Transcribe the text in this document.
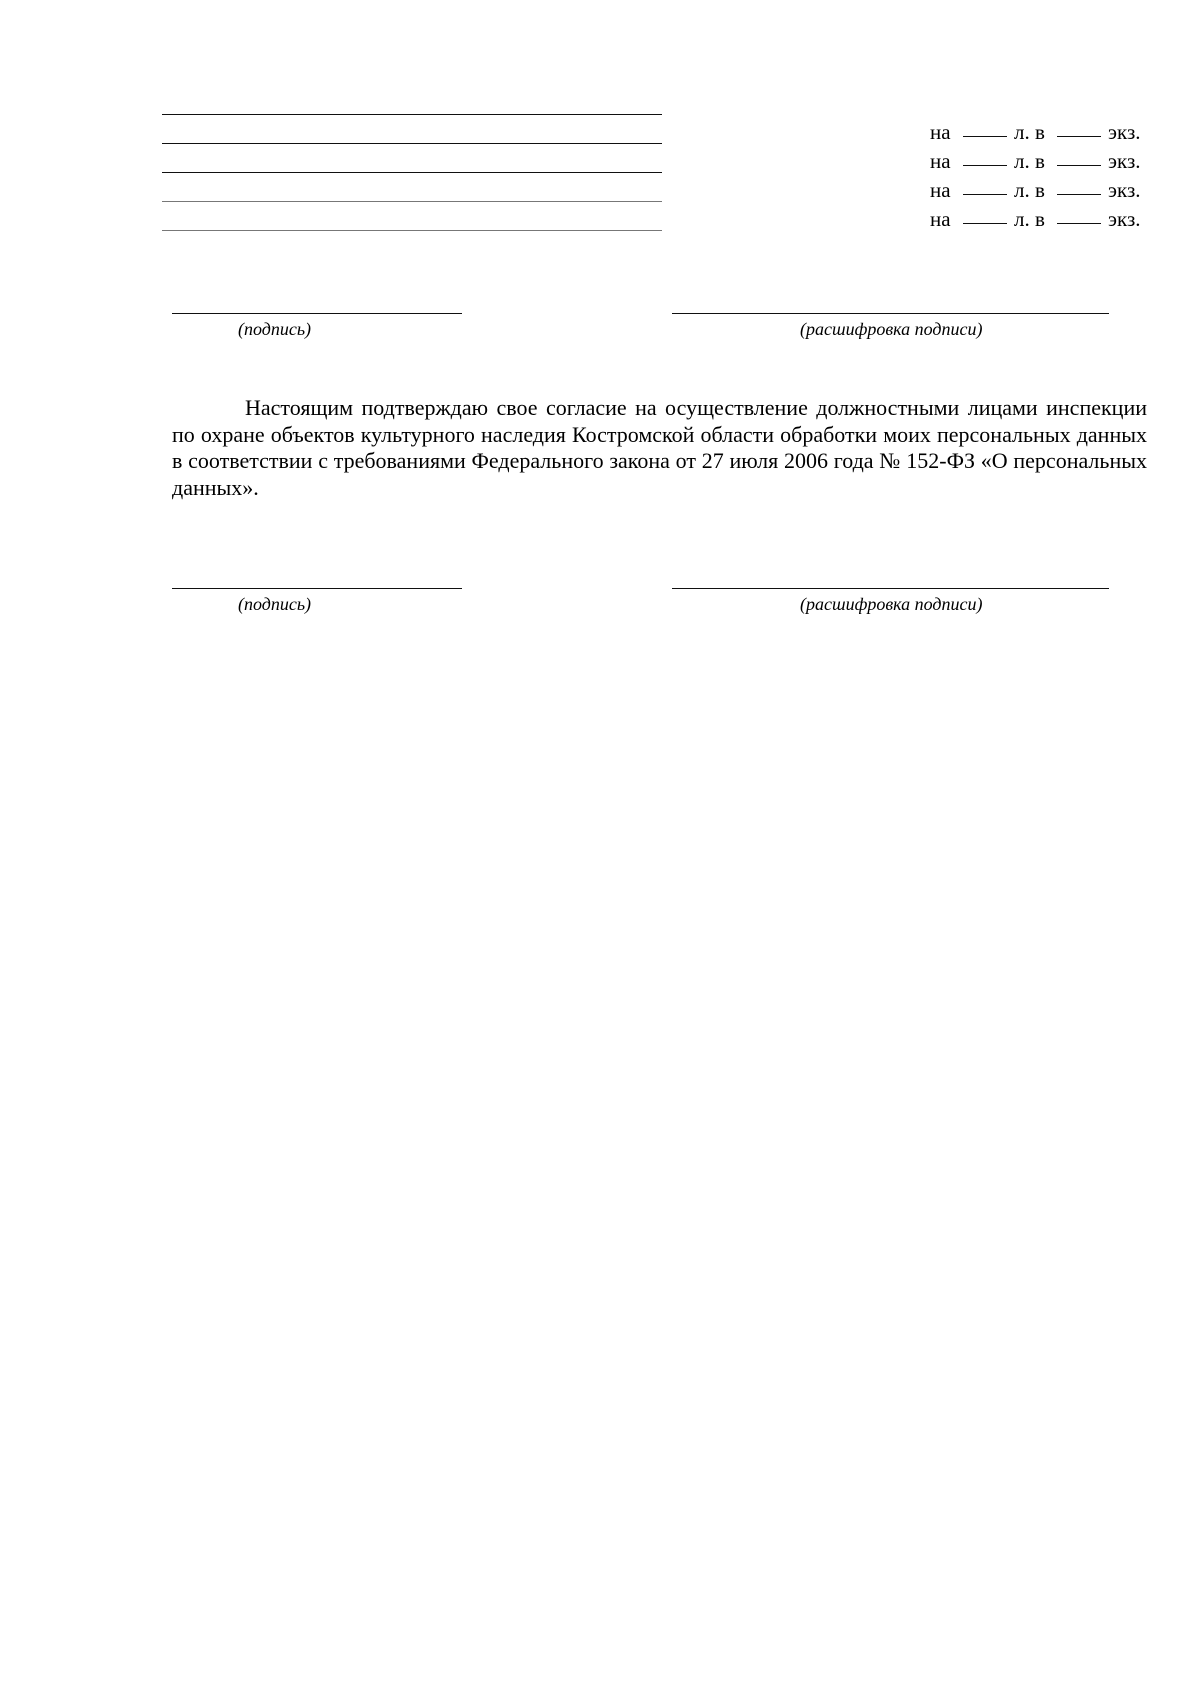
на	л. в	экз.
на	л. в	экз.
на	л. в	экз.
на	л. в	экз.
(подпись)	(расшифровка подписи)

Настоящим подтверждаю свое согласие на осуществление должностными лицами инспекции по охране объектов культурного наследия Костромской области обработки моих персональных данных в соответствии с требованиями Федерального закона от 27 июля 2006 года № 152-ФЗ «О персональных данных».

(подпись)	(расшифровка подписи)
